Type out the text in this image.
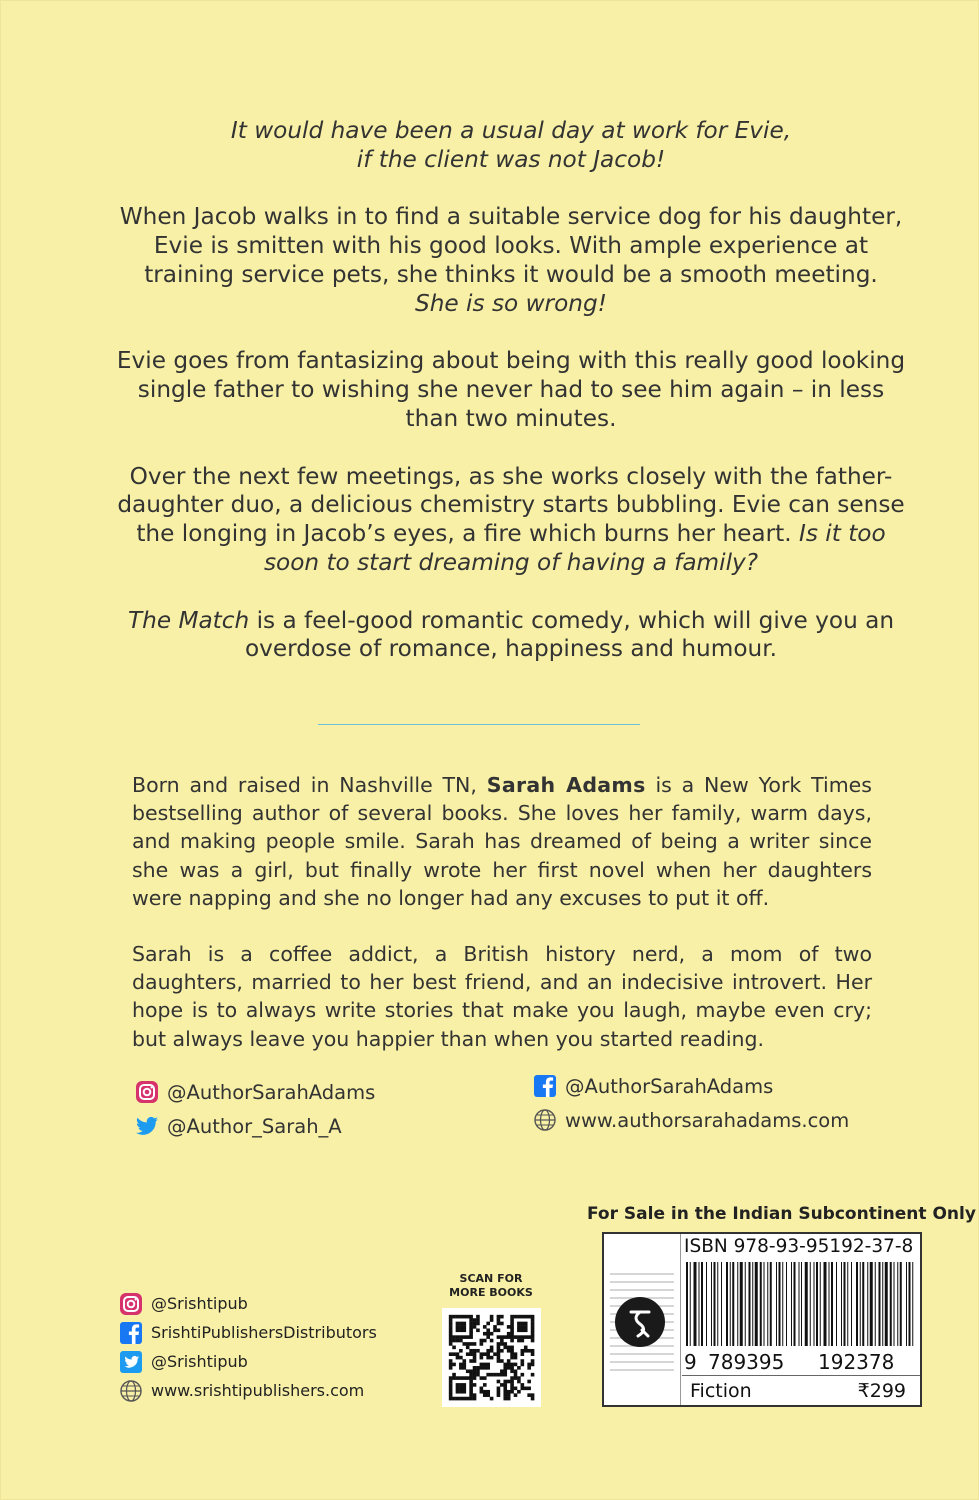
It would have been a usual day at work for Evie,
if the client was not Jacob!

When Jacob walks in to find a suitable service dog for his daughter, Evie is smitten with his good looks. With ample experience at training service pets, she thinks it would be a smooth meeting.
She is so wrong!

Evie goes from fantasizing about being with this really good looking single father to wishing she never had to see him again – in less than two minutes.

Over the next few meetings, as she works closely with the father-daughter duo, a delicious chemistry starts bubbling. Evie can sense the longing in Jacob’s eyes, a fire which burns her heart. Is it too soon to start dreaming of having a family?

The Match is a feel-good romantic comedy, which will give you an overdose of romance, happiness and humour.

Born and raised in Nashville TN, Sarah Adams is a New York Times bestselling author of several books. She loves her family, warm days, and making people smile. Sarah has dreamed of being a writer since she was a girl, but finally wrote her first novel when her daughters were napping and she no longer had any excuses to put it off.

Sarah is a coffee addict, a British history nerd, a mom of two daughters, married to her best friend, and an indecisive introvert. Her hope is to always write stories that make you laugh, maybe even cry; but always leave you happier than when you started reading.

@AuthorSarahAdams
@Author_Sarah_A
@AuthorSarahAdams
www.authorsarahadams.com
@Srishtipub
SrishtiPublishersDistributors
@Srishtipub
www.srishtipublishers.com
SCAN FOR
MORE BOOKS
For Sale in the Indian Subcontinent Only
ISBN 978-93-95192-37-8
9 789395 192378
Fiction	₹299
